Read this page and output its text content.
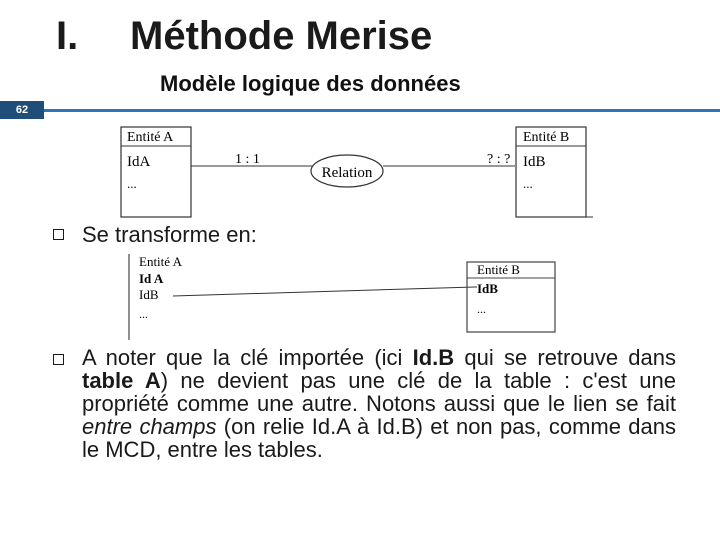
I. Méthode Merise
Modèle logique des données
62
Entité A
IdA
...
1 : 1
Relation
? : ?
Entité B
IdB
...
Se transforme en:
Entité A
Id A
IdB
...
Entité B
IdB
...
A noter que la clé importée (ici Id.B qui se retrouve dans table A) ne devient pas une clé de la table : c'est une propriété comme une autre. Notons aussi que le lien se fait entre champs (on relie Id.A à Id.B) et non pas, comme dans le MCD, entre les tables.
